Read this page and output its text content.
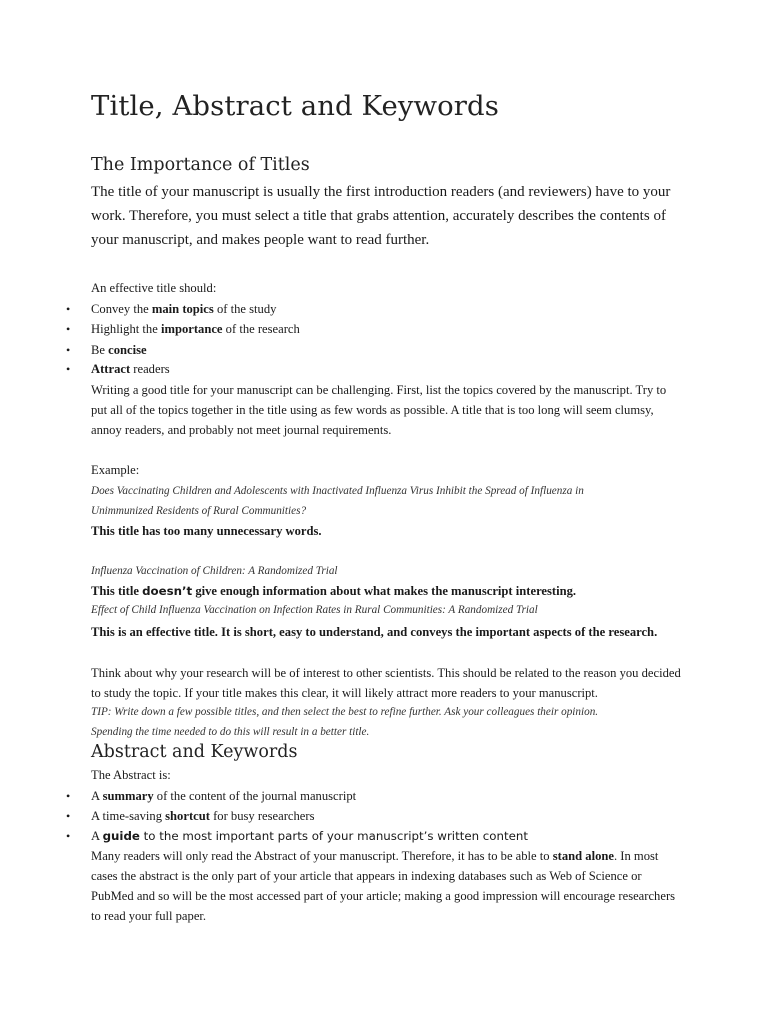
Title, Abstract and Keywords
The Importance of Titles
The title of your manuscript is usually the first introduction readers (and reviewers) have to your work. Therefore, you must select a title that grabs attention, accurately describes the contents of your manuscript, and makes people want to read further.
An effective title should:
• Convey the main topics of the study
• Highlight the importance of the research
• Be concise
• Attract readers
Writing a good title for your manuscript can be challenging. First, list the topics covered by the manuscript. Try to put all of the topics together in the title using as few words as possible. A title that is too long will seem clumsy, annoy readers, and probably not meet journal requirements.
Example:
Does Vaccinating Children and Adolescents with Inactivated Influenza Virus Inhibit the Spread of Influenza in
Unimmunized Residents of Rural Communities?
This title has too many unnecessary words.
Influenza Vaccination of Children: A Randomized Trial
This title doesn’t give enough information about what makes the manuscript interesting.
Effect of Child Influenza Vaccination on Infection Rates in Rural Communities: A Randomized Trial
This is an effective title. It is short, easy to understand, and conveys the important aspects of the research.
Think about why your research will be of interest to other scientists. This should be related to the reason you decided to study the topic. If your title makes this clear, it will likely attract more readers to your manuscript.
TIP: Write down a few possible titles, and then select the best to refine further. Ask your colleagues their opinion.
Spending the time needed to do this will result in a better title.
Abstract and Keywords
The Abstract is:
• A summary of the content of the journal manuscript
• A time-saving shortcut for busy researchers
• A guide to the most important parts of your manuscript’s written content
Many readers will only read the Abstract of your manuscript. Therefore, it has to be able to stand alone. In most cases the abstract is the only part of your article that appears in indexing databases such as Web of Science or PubMed and so will be the most accessed part of your article; making a good impression will encourage researchers to read your full paper.
